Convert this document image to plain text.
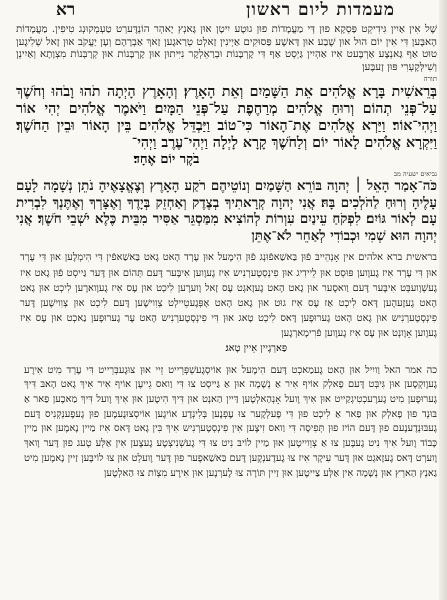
מעמדות ליום ראשון
רא

שֶׁל אִין אַיִין גִּידִיקְט פַּסְקָא פוּן דְּי מַעֲמָדוֹת פוּן גוּטֶע יִיטָן אוּן גָּאנְץ יָאהְר הוֹנְדֶּערְט טַעְמְקוּנְג טִיפִין. מַעֲמָדוֹת הָאבֶּען דִּי אִין יוֹם הוּל אוּן שֶׁבַע אוּן דַּאשֶׁע פַּסוּקִים אַיְינִין זַאלְט טְרַאגֶען זַאךְ אַבְרָהָם וְעָן יַעֲקֹב אוּן זָאל שְׁלִיגֶען טוּט אַף גַּאנְצֶע אַרְבֶּעט אִיז אַהְיִין גַּיְסְט אַף דִּי קָרְבָּנוֹת וּבְרַאֵלְקָר נִיִּיתוּן אוּן קָרְבָּנוֹת אוּן קְרָבְּנוֹת מִצְוָתָא וְאַיִינְן וְשִׁילְּקָעְרִי פּוּן זָעבֶּען

תורה

בְּרֵאשִׁית בָּרָא אֱלֹהִים אֵת הַשָּׁמַיִם וְאֵת הָאָרֶץ׃ וְהָאָרֶץ הָיְתָה תֹהוּ וָבֹהוּ וְחֹשֶׁךְ עַל־פְּנֵי תְהוֹם וְרוּחַ אֱלֹהִים מְרַחֶפֶת עַל־פְּנֵי הַמָּיִם׃ וַיֹּאמֶר אֱלֹהִים יְהִי אוֹר וַיְהִי־אוֹר׃ וַיַּרְא אֱלֹהִים אֶת־הָאוֹר כִּי־טוֹב וַיַּבְדֵּל אֱלֹהִים בֵּין הָאוֹר וּבֵין הַחֹשֶׁךְ׃ וַיִּקְרָא אֱלֹהִים לָאוֹר יוֹם וְלַחֹשֶׁךְ קָרָא לָיְלָה וַיְהִי־עֶרֶב וַיְהִי־

בֹקֶר יוֹם אֶחָד׃
נביאים ישעיה מב

כֹּה־אָמַר הָאֵל ׀ יְהוָה בּוֹרֵא הַשָּׁמַיִם וְנוֹטֵיהֶם רֹקַע הָאָרֶץ וְצֶאֱצָאֶיהָ נֹתֵן נְשָׁמָה לָעָם עָלֶיהָ וְרוּחַ לַהֹלְכִים בָּהּ׃ אֲנִי יְהוָה קְרָאתִיךָ בְצֶדֶק וְאַחְזֵק בְּיָדֶךָ וְאֶצָּרְךָ וְאֶתֶּנְךָ לִבְרִית עָם לְאוֹר גּוֹיִם׃ לִפְקֹחַ עֵינַיִם עִוְרוֹת לְהוֹצִיא מִמַּסְגֵּר אַסִּיר מִבֵּית כֶּלֶא יֹשְׁבֵי חֹשֶׁךְ׃ אֲנִי יְהוָה הוּא שְׁמִי וּכְבוֹדִי לְאַחֵר לֹא־אֶתֵּן

בראשית ברא אלהים אין אָנְהֵייבּ פֿוּן בַּאשַׁאפֿוּנְג פֿוּן הִימֶעל אוּן עֶרְד הָאט גָאט בַּאשַׁאפֿין דִּי הִימְלֶען אוּן דִּי עֶרְד אוּן דִּי עֶרְד אִיז גֶעוֶוען פּוּסְט אוּן לֵיידִיג אוּן פִינְסְטֶערְנִיש אִיז גֶעוֶוען אִיבֶּער דֶּעם תְּהוֹם אוּן דֶּער גַּייסְט פֿוּן גָאט אִיז גֶעשְׁוֶועבְּט אִיבֶּער דֶּעם וַואסֶער אוּן גָאט הָאט גֶעזָאגְט עֶס זָאל וֶוערֶען לִיכְט אוּן עֶס אִיז גֶעוָוארֶען לִיכְט אוּן גָאט הָאט גֶעזֶעהֶען דָּאס לִיכְט אַז עֶס אִיז גוּט אוּן גָאט הָאט אָפְּגֶעטֵיילְט צְוִוישֶׁען דֶּעם לִיכְט אוּן צְוִוישֶׁען דֶּער פִינְסְטֶערְנִיש אוּן גָאט הָאט גֶערוּפֶען דָּאס לִיכְט טָאג אוּן דִּי פִינְסְטֶערְנִיש הָאט עֶר גֶערוּפֶען נַאכְט אוּן עֶס אִיז גֶעוֶוען אָוֶונְט אוּן עֶס אִיז גֶעוֶוען פֿרִימָארְגֶען

פַּארְגֶיין אֵיין טָאג׃

כה אמר האל וַויִיל אוּן הָאט גֶעמַאכְט דֶּעם הִימֶעל אוּן אוֹיסְגֶעשְׁפְּרֵייט זֵיי אוּן צוּגֶעבְּרֵייט דִּי עֶרְד מִיט אִירֶע גֶעוֶוקְסֶען אוּן גִּיבְּט דֶּעם פָאלְק אוֹיף אִיר אַ נְשָׁמָה אוּן אַ גַּייסְט צוּ דִּי וַואס גֵייעֶן אוֹיף אִיר אִיךְ גָאט הָאבּ דִּיךְ גֶערוּפֶען מִיט גֶערֶעכְטִיגְקַייט אוּן אִיךְ וֶועל אָנְהַאלְטֶען דַּיין הַאנְט אוּן דִּיךְ הִיטֶען אוּן אִיךְ וֶועל דִּיךְ מַאכֶען פַאר אַ בּוּנְד פוּן פָאלְק אוּן פַאר אַ לִיכְט פוּן דִּי פֶעלְקֶער צוּ עֶפְנֶען בְּלִינְדֶע אוֹיגֶען אוֹיסְצוּנֶעמֶען פוּן גֶעפֶענְקְנִיס דֶּעם גֶעבּוּנְדֶענֶעם פוּן דֶּעם הוֹיז פוּן תְּפִיסָה דִּי וַואס זִיצֶען אִין פִינְסְטֶערְנִיש אִיךְ בִּין גָאט דָּאס אִיז מַיין נָאמֶען אוּן מַיין כָּבוֹד וֶועל אִיךְ נִיט גֶעבֶּען צוּ אַ צְוֵוייטֶען אוּן מַיין לוֹיבּ נִיט צוּ דִּי גֶעשְׁנִיצְטֶע גֶעצֶען אִין אַלְּע טֶעג פוּן דֶּער וָואךְ וֶוערְט דָּאס גֶעזָאגְט אוּן דֶּער עִיקָר אִיז צוּ גֶעדֶענְקֶען דֶּעם בַּאשַׁאפֶער פוּן דֶּער וֶועלְט אוּן צוּ לוֹיבֶּען זַיין נָאמֶען מִיט גַאנְץ הַארְץ אוּן נְשָׁמָה אִין אַלְּע צַייטֶען אוּן זַיין תּוֹרָה צוּ לֶערְנֶען אוּן אִירֶע מִצְוֹת צוּ הַאלְטֶען
